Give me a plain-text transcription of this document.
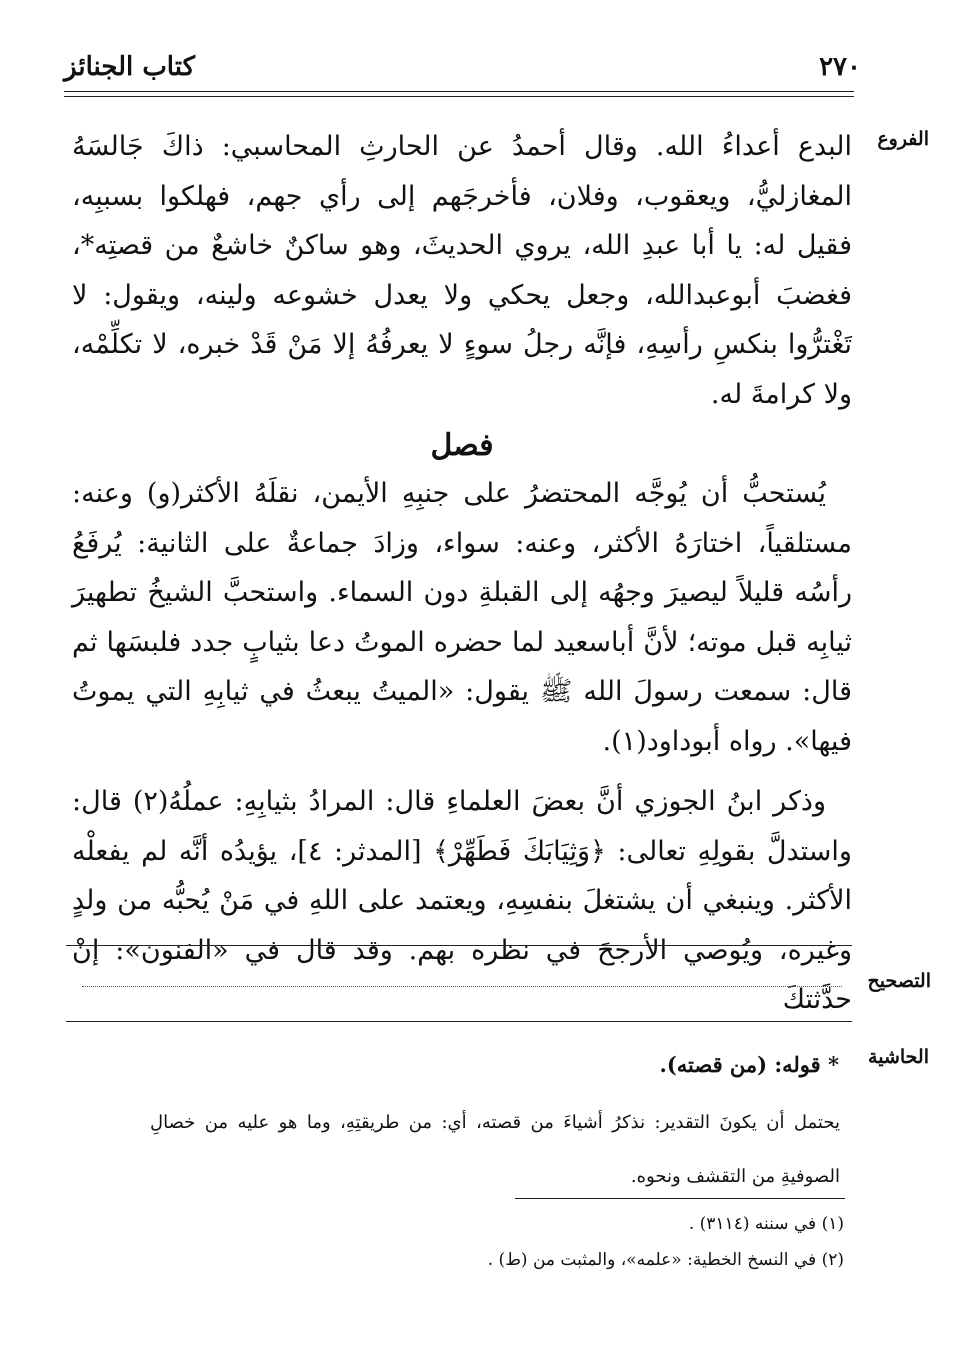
٢٧٠
كتاب الجنائز
الفروع

البدع أعداءُ الله. وقال أحمدُ عن الحارثِ المحاسبي: ذاكَ جَالسَهُ المغازليُّ، ويعقوب، وفلان، فأخرجَهم إلى رأي جهم، فهلكوا بسببِه، فقيل له: يا أبا عبدِ الله، يروي الحديثَ، وهو ساكنٌ خاشعٌ من قصتِه*، فغضبَ أبوعبدالله، وجعل يحكي ولا يعدل خشوعه ولينه، ويقول: لا تَغْترُّوا بنكسِ رأسِهِ، فإنَّه رجلُ سوءٍ لا يعرفُهُ إلا مَنْ قَدْ خبره، لا تكلِّمْه، ولا كرامةَ له.

فصل

يُستحبُّ أن يُوجَّه المحتضرُ على جنبِهِ الأيمن، نقلَهُ الأكثر(و) وعنه: مستلقياً، اختارَهُ الأكثر، وعنه: سواء، وزادَ جماعةٌ على الثانية: يُرفَعُ رأسُه قليلاً ليصيرَ وجهُه إلى القبلةِ دون السماء. واستحبَّ الشيخُ تطهيرَ ثيابِه قبل موته؛ لأنَّ أباسعيد لما حضره الموتُ دعا بثيابٍ جدد فلبسَها ثم قال: سمعت رسولَ الله ﷺ يقول: «الميتُ يبعثُ في ثيابِهِ التي يموتُ فيها». رواه أبوداود(١).

وذكر ابنُ الجوزي أنَّ بعضَ العلماءِ قال: المرادُ بثيابِهِ: عملُهُ(٢) قال: واستدلَّ بقولِهِ تعالى: ﴿وَثِيَابَكَ فَطَهِّرْ﴾ [المدثر: ٤]، يؤيدُه أنَّه لم يفعلْه الأكثر. وينبغي أن يشتغلَ بنفسِهِ، ويعتمد على اللهِ في مَنْ يُحبُّه من ولدٍ وغيره، ويُوصي الأرجحَ في نظره بهم. وقد قال في «الفنون»: إنْ حدَّثتكَ

التصحيح
الحاشية
* قوله: (من قصته).

يحتمل أن يكونَ التقدير: نذكرُ أشياءَ من قصته، أي: من طريقتِهِ، وما هو عليه من خصالِ الصوفيةِ من التقشف ونحوه.

(١) في سننه (٣١١٤) .
(٢) في النسخ الخطية: «علمه»، والمثبت من (ط) .
